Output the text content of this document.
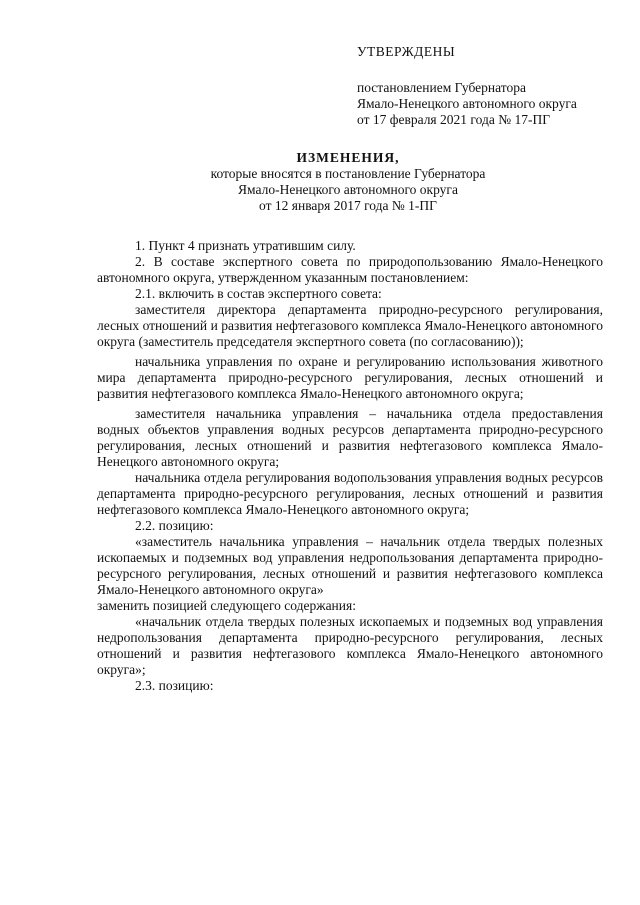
УТВЕРЖДЕНЫ
постановлением Губернатора
Ямало-Ненецкого автономного округа
от 17 февраля 2021 года № 17-ПГ
ИЗМЕНЕНИЯ,
которые вносятся в постановление Губернатора
Ямало-Ненецкого автономного округа
от 12 января 2017 года № 1-ПГ

1. Пункт 4 признать утратившим силу.

2. В составе экспертного совета по природопользованию Ямало-Ненецкого автономного округа, утвержденном указанным постановлением:

2.1. включить в состав экспертного совета:

заместителя директора департамента природно-ресурсного регулирования, лесных отношений и развития нефтегазового комплекса Ямало-Ненецкого автономного округа (заместитель председателя экспертного совета (по согласованию));

начальника управления по охране и регулированию использования животного мира департамента природно-ресурсного регулирования, лесных отношений и развития нефтегазового комплекса Ямало-Ненецкого автономного округа;

заместителя начальника управления – начальника отдела предоставления водных объектов управления водных ресурсов департамента природно-ресурсного регулирования, лесных отношений и развития нефтегазового комплекса Ямало-Ненецкого автономного округа;

начальника отдела регулирования водопользования управления водных ресурсов департамента природно-ресурсного регулирования, лесных отношений и развития нефтегазового комплекса Ямало-Ненецкого автономного округа;

2.2. позицию:

«заместитель начальника управления – начальник отдела твердых полезных ископаемых и подземных вод управления недропользования департамента природно-ресурсного регулирования, лесных отношений и развития нефтегазового комплекса Ямало-Ненецкого автономного округа»

заменить позицией следующего содержания:

«начальник отдела твердых полезных ископаемых и подземных вод управления недропользования департамента природно-ресурсного регулирования, лесных отношений и развития нефтегазового комплекса Ямало-Ненецкого автономного округа»;

2.3. позицию:
